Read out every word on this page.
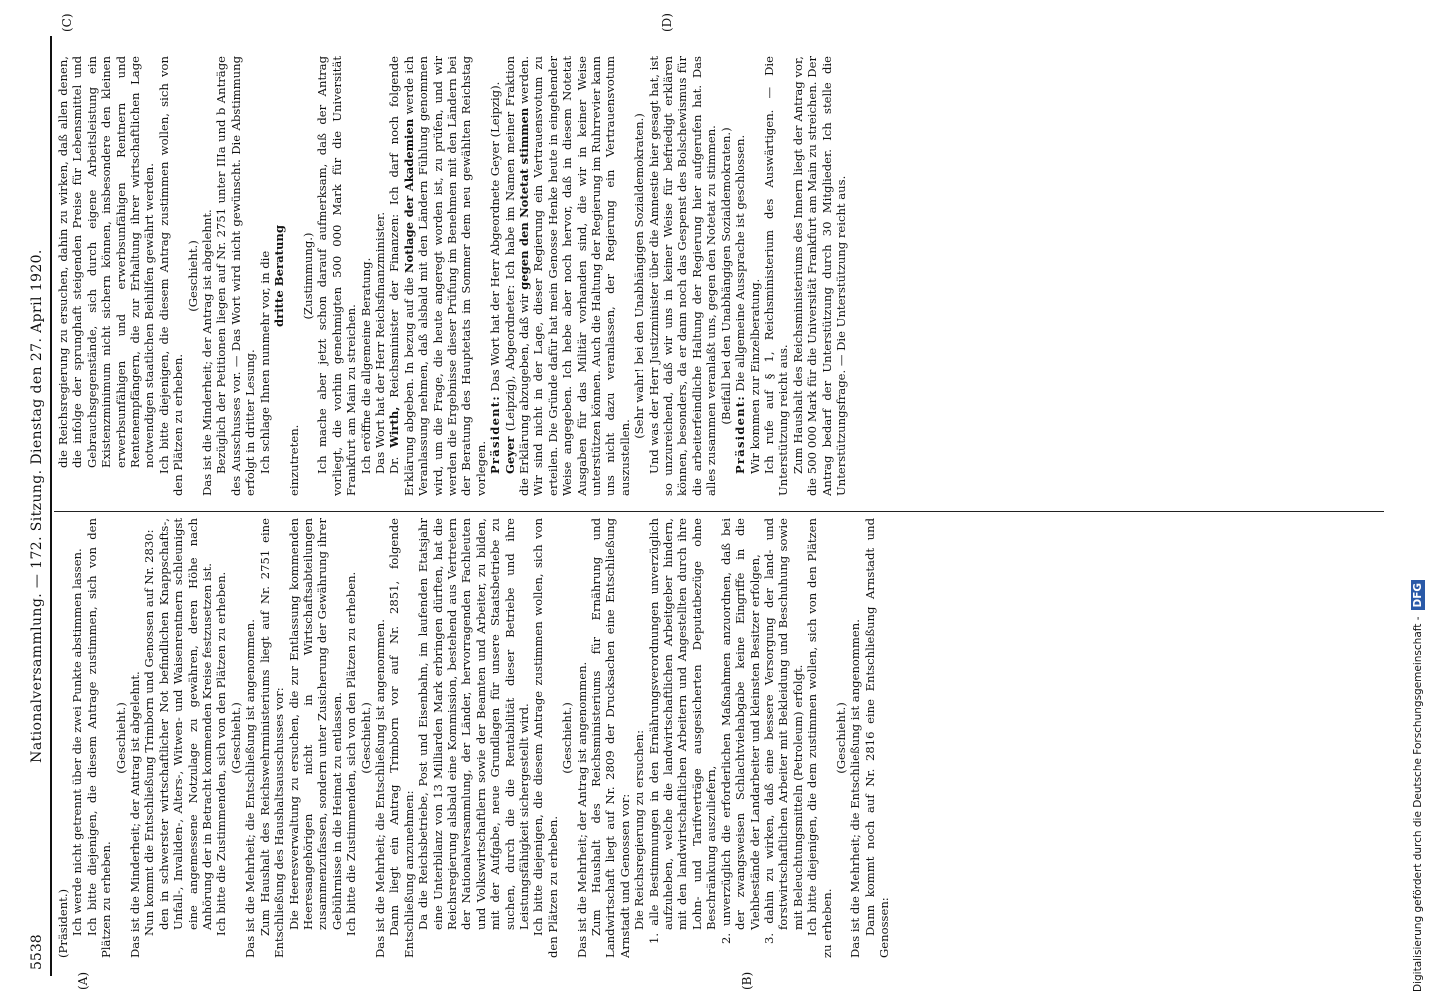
5538
Nationalversammlung. — 172. Sitzung. Dienstag den 27. April 1920.
(A)	(B)
(C)	(D)

(Präsident.) Ich werde nicht getrennt über die zwei Punkte abstimmen lassen. Ich bitte diejenigen, die diesem Antrage zustimmen, sich von den Plätzen zu erheben.

(Geschieht.) Das ist die Minderheit; der Antrag ist abgelehnt. Nun kommt die Entschließung Trimborn und Genossen auf Nr. 2830: den in schwerster wirtschaftlicher Not befindlichen Knappschafts-, Unfall-, Invaliden-, Alters-, Witwen- und Waisenrentnern schleunigst eine angemessene Notzulage zu gewähren, deren Höhe nach Anhörung der in Betracht kommenden Kreise festzusetzen ist. Ich bitte die Zustimmenden, sich von den Plätzen zu erheben. (Geschieht.) Das ist die Mehrheit; die Entschließung ist angenommen. Zum Haushalt des Reichswehrministeriums liegt auf Nr. 2751 eine Entschließung des Haushaltsausschusses vor: Die Heeresverwaltung zu ersuchen, die zur Entlassung kommenden Heeresangehörigen nicht in Wirtschaftsabteilungen zusammenzufassen, sondern unter Zusicherung der Gewährung ihrer Gebührnisse in die Heimat zu entlassen. Ich bitte die Zustimmenden, sich von den Plätzen zu erheben. (Geschieht.) Das ist die Mehrheit; die Entschließung ist angenommen. Dann liegt ein Antrag Trimborn vor auf Nr. 2851, folgende Entschließung anzunehmen: Da die Reichsbetriebe, Post und Eisenbahn, im laufenden Etatsjahr eine Unterbilanz von 13 Milliarden Mark erbringen dürften, hat die Reichsregierung alsbald eine Kommission, bestehend aus Vertretern der Nationalversammlung, der Länder, hervorragenden Fachleuten und Volkswirtschaftlern sowie der Beamten und Arbeiter, zu bilden, mit der Aufgabe, neue Grundlagen für unsere Staatsbetriebe zu suchen, durch die die Rentabilität dieser Betriebe und ihre Leistungsfähigkeit sichergestellt wird. Ich bitte diejenigen, die diesem Antrage zustimmen wollen, sich von den Plätzen zu erheben.

(Geschieht.) Das ist die Mehrheit; der Antrag ist angenommen. Zum Haushalt des Reichsministeriums für Ernährung und Landwirtschaft liegt auf Nr. 2809 der Drucksachen eine Entschließung Arnstadt und Genossen vor: Die Reichsregierung zu ersuchen: 1. alle Bestimmungen in den Ernährungsverordnungen unverzüglich aufzuheben, welche die landwirtschaftlichen Arbeitgeber hindern, mit den landwirtschaftlichen Arbeitern und Angestellten durch ihre Lohn- und Tarifverträge ausgesicherten Deputatbezüge ohne Beschränkung auszuliefern, 2. unverzüglich die erforderlichen Maßnahmen anzuordnen, daß bei der zwangsweisen Schlachtviehabgabe keine Eingriffe in die Viehbestände der Landarbeiter und kleinsten Besitzer erfolgen, 3. dahin zu wirken, daß eine bessere Versorgung der land- und forstwirtschaftlichen Arbeiter mit Bekleidung und Beschuhung sowie mit Beleuchtungsmitteln (Petroleum) erfolgt. Ich bitte diejenigen, die dem zustimmen wollen, sich von den Plätzen zu erheben.

(Geschieht.) Das ist die Mehrheit; die Entschließung ist angenommen. Dann kommt noch auf Nr. 2816 eine Entschließung Arnstadt und Genossen:

die Reichsregierung zu ersuchen, dahin zu wirken, daß allen denen, die infolge der sprunghaft steigenden Preise für Lebensmittel und Gebrauchsgegenstände, sich durch eigene Arbeitsleistung ein Existenzminimum nicht sichern können, insbesondere den kleinen erwerbsunfähigen und erwerbsunfähigen Rentnern und Rentenempfängern, die zur Erhaltung ihrer wirtschaftlichen Lage notwendigen staatlichen Beihilfen gewährt werden. Ich bitte diejenigen, die diesem Antrag zustimmen wollen, sich von den Plätzen zu erheben.

(Geschieht.) Das ist die Minderheit; der Antrag ist abgelehnt. Bezüglich der Petitionen liegen auf Nr. 2751 unter IIIa und b Anträge des Ausschusses vor. — Das Wort wird nicht gewünscht. Die Abstimmung erfolgt in dritter Lesung. Ich schlage Ihnen nunmehr vor, in die dritte Beratung

einzutreten.

(Zustimmung.) Ich mache aber jetzt schon darauf aufmerksam, daß der Antrag vorliegt, die vorhin genehmigten 500 000 Mark für die Universität Frankfurt am Main zu streichen. Ich eröffne die allgemeine Beratung. Das Wort hat der Herr Reichsfinanzminister. Dr. Wirth, Reichsminister der Finanzen: Ich darf noch folgende Erklärung abgeben. In bezug auf die Notlage der Akademien werde ich Veranlassung nehmen, daß alsbald mit den Ländern Fühlung genommen wird, um die Frage, die heute angeregt worden ist, zu prüfen, und wir werden die Ergebnisse dieser Prüfung im Benehmen mit den Ländern bei der Beratung des Hauptetats im Sommer dem neu gewählten Reichstag vorlegen. Präsident: Das Wort hat der Herr Abgeordnete Geyer (Leipzig).

Geyer (Leipzig), Abgeordneter: Ich habe im Namen meiner Fraktion die Erklärung abzugeben, daß wir gegen den Notetat stimmen werden. Wir sind nicht in der Lage, dieser Regierung ein Vertrauensvotum zu erteilen. Die Gründe dafür hat mein Genosse Henke heute in eingehender Weise angegeben. Ich hebe aber noch hervor, daß in diesem Notetat Ausgaben für das Militär vorhanden sind, die wir in keiner Weise unterstützen können. Auch die Haltung der Regierung im Ruhrrevier kann uns nicht dazu veranlassen, der Regierung ein Vertrauensvotum auszustellen.

(Sehr wahr! bei den Unabhängigen Sozialdemokraten.) Und was der Herr Justizminister über die Amnestie hier gesagt hat, ist so unzureichend, daß wir uns in keiner Weise für befriedigt erklären können, besonders, da er dann noch das Gespenst des Bolschewismus für die arbeiterfeindliche Haltung der Regierung hier aufgerufen hat. Das alles zusammen veranlaßt uns, gegen den Notetat zu stimmen. (Beifall bei den Unabhängigen Sozialdemokraten.)

Präsident: Die allgemeine Aussprache ist geschlossen. Wir kommen zur Einzelberatung. Ich rufe auf § 1, Reichsministerium des Auswärtigen. — Die Unterstützung reicht aus. Zum Haushalt des Reichsministeriums des Innern liegt der Antrag vor, die 500 000 Mark für die Universität Frankfurt am Main zu streichen. Der Antrag bedarf der Unterstützung durch 30 Mitglieder. Ich stelle die Unterstützungsfrage. — Die Unterstützung reicht aus.

Digitalisierung gefördert durch die Deutsche Forschungsgemeinschaft -DFG
